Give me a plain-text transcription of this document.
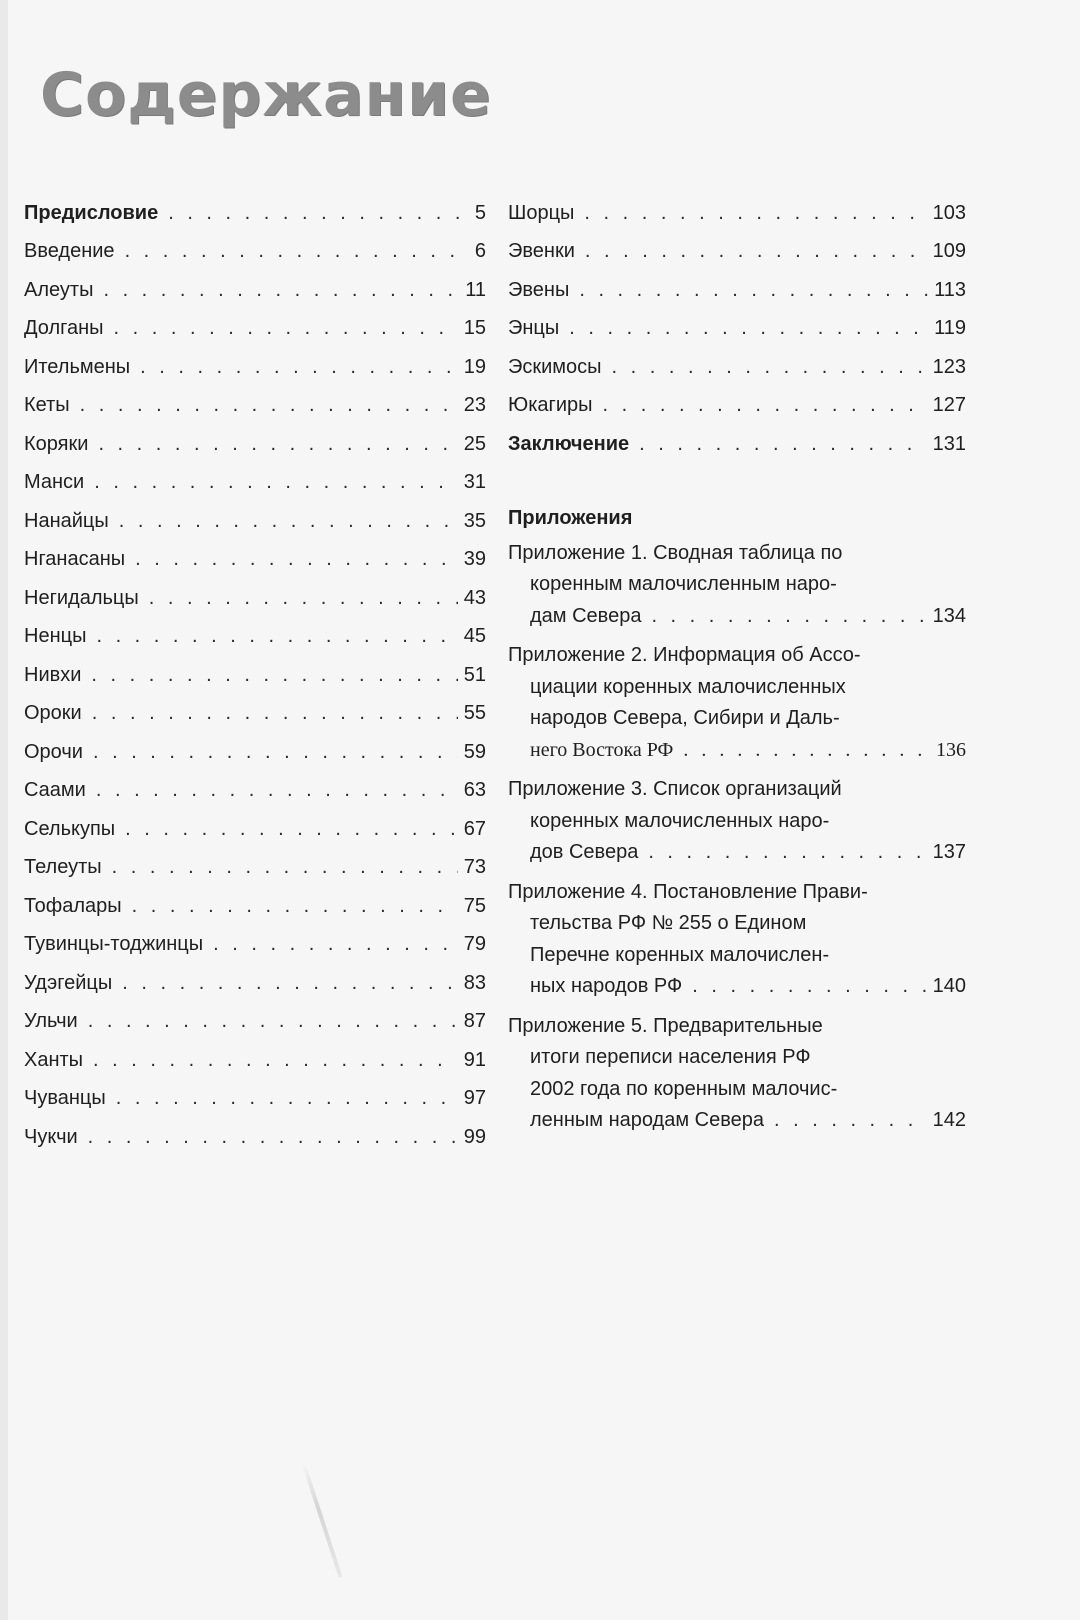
Содержание
Предисловие . . .	5
Введение . . .	6
Алеуты . . .	11
Долганы . . .	15
Ительмены . . .	19
Кеты . . .	23
Коряки . . .	25
Манси . . .	31
Нанайцы . . .	35
Нганасаны . . .	39
Негидальцы . . .	43
Ненцы . . .	45
Нивхи . . .	51
Ороки . . .	55
Орочи . . .	59
Саами . . .	63
Селькупы . . .	67
Телеуты . . .	73
Тофалары . . .	75
Тувинцы-тоджинцы . . .	79
Удэгейцы . . .	83
Ульчи . . .	87
Ханты . . .	91
Чуванцы . . .	97
Чукчи . . .	99
Шорцы . . .	103
Эвенки . . .	109
Эвены . . .	113
Энцы . . .	119
Эскимосы . . .	123
Юкагиры . . .	127
Заключение . . .	131
Приложения
Приложение 1. Сводная таблица по
коренным малочисленным наро-
дам Севера . . .	134
Приложение 2. Информация об Ассо-
циации коренных малочисленных
народов Севера, Сибири и Даль-
него Востока РФ . . .	136
Приложение 3. Список организаций
коренных малочисленных наро-
дов Севера . . .	137
Приложение 4. Постановление Прави-
тельства РФ № 255 о Едином
Перечне коренных малочислен-
ных народов РФ . . .	140
Приложение 5. Предварительные
итоги переписи населения РФ
2002 года по коренным малочис-
ленным народам Севера . . .	142
